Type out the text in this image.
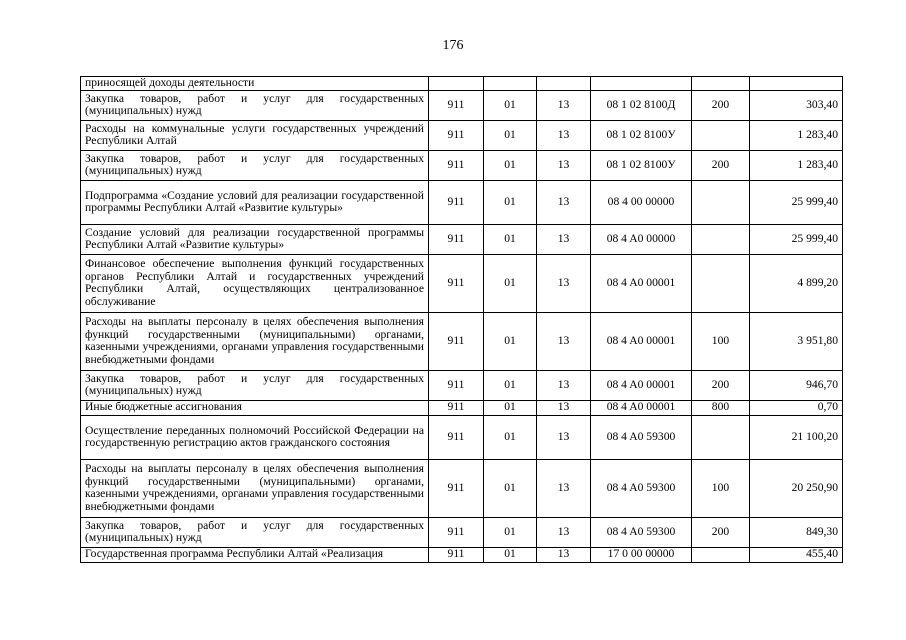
176
приносящей доходы деятельности						
Закупка товаров, работ и услуг для государственных (муниципальных) нужд	911	01	13	08 1 02 8100Д	200	303,40
Расходы на коммунальные услуги государственных учреждений Республики Алтай	911	01	13	08 1 02 8100У		1 283,40
Закупка товаров, работ и услуг для государственных (муниципальных) нужд	911	01	13	08 1 02 8100У	200	1 283,40
Подпрограмма «Создание условий для реализации государственной программы Республики Алтай «Развитие культуры»	911	01	13	08 4 00 00000		25 999,40
Создание условий для реализации государственной программы Республики Алтай «Развитие культуры»	911	01	13	08 4 A0 00000		25 999,40
Финансовое обеспечение выполнения функций государственных органов Республики Алтай и государственных учреждений Республики Алтай, осуществляющих централизованное обслуживание	911	01	13	08 4 A0 00001		4 899,20
Расходы на выплаты персоналу в целях обеспечения выполнения функций государственными (муниципальными) органами, казенными учреждениями, органами управления государственными внебюджетными фондами	911	01	13	08 4 A0 00001	100	3 951,80
Закупка товаров, работ и услуг для государственных (муниципальных) нужд	911	01	13	08 4 A0 00001	200	946,70
Иные бюджетные ассигнования	911	01	13	08 4 A0 00001	800	0,70
Осуществление переданных полномочий Российской Федерации на государственную регистрацию актов гражданского состояния	911	01	13	08 4 A0 59300		21 100,20
Расходы на выплаты персоналу в целях обеспечения выполнения функций государственными (муниципальными) органами, казенными учреждениями, органами управления государственными внебюджетными фондами	911	01	13	08 4 A0 59300	100	20 250,90
Закупка товаров, работ и услуг для государственных (муниципальных) нужд	911	01	13	08 4 A0 59300	200	849,30
Государственная программа Республики Алтай «Реализация	911	01	13	17 0 00 00000		455,40
